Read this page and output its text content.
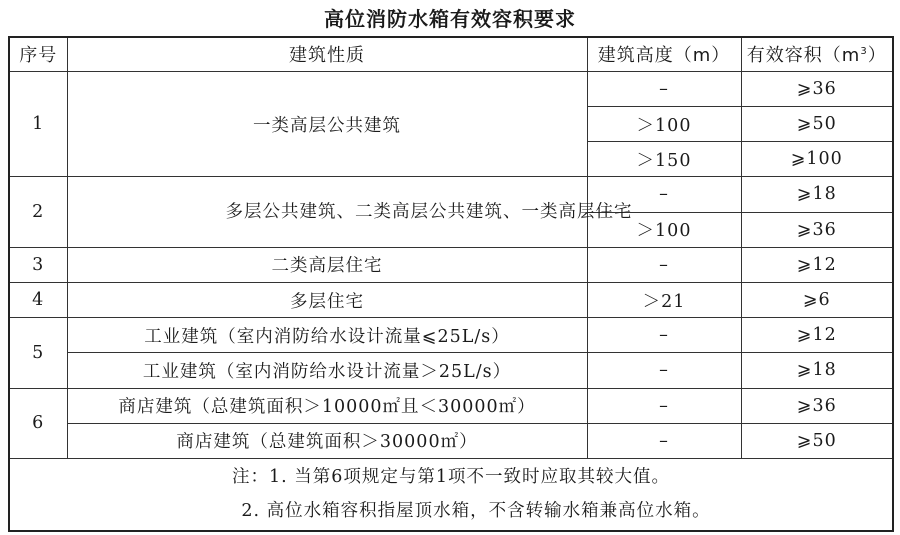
高位消防水箱有效容积要求
序号	建筑性质	建筑高度（m）	有效容积$(m^3)$
1	一类高层公共建筑	–	⩾36
		＞100	⩾50
		＞150	⩾100
2	多层公共建筑、二类高层公共建筑、一类高层住宅	–	⩾18
		＞100	⩾36
3	二类高层住宅	–	⩾12
4	多层住宅	＞21	⩾6
5	工业建筑（室内消防给水设计流量⩽25L/s）	–	⩾12
	工业建筑（室内消防给水设计流量＞25L/s）	–	⩾18
6	商店建筑（总建筑面积＞10000㎡且＜30000㎡）	–	⩾36
	商店建筑（总建筑面积＞30000㎡）	–	⩾50

注：1. 当第6项规定与第1项不一致时应取其较大值。
2. 高位水箱容积指屋顶水箱，不含转输水箱兼高位水箱。			
